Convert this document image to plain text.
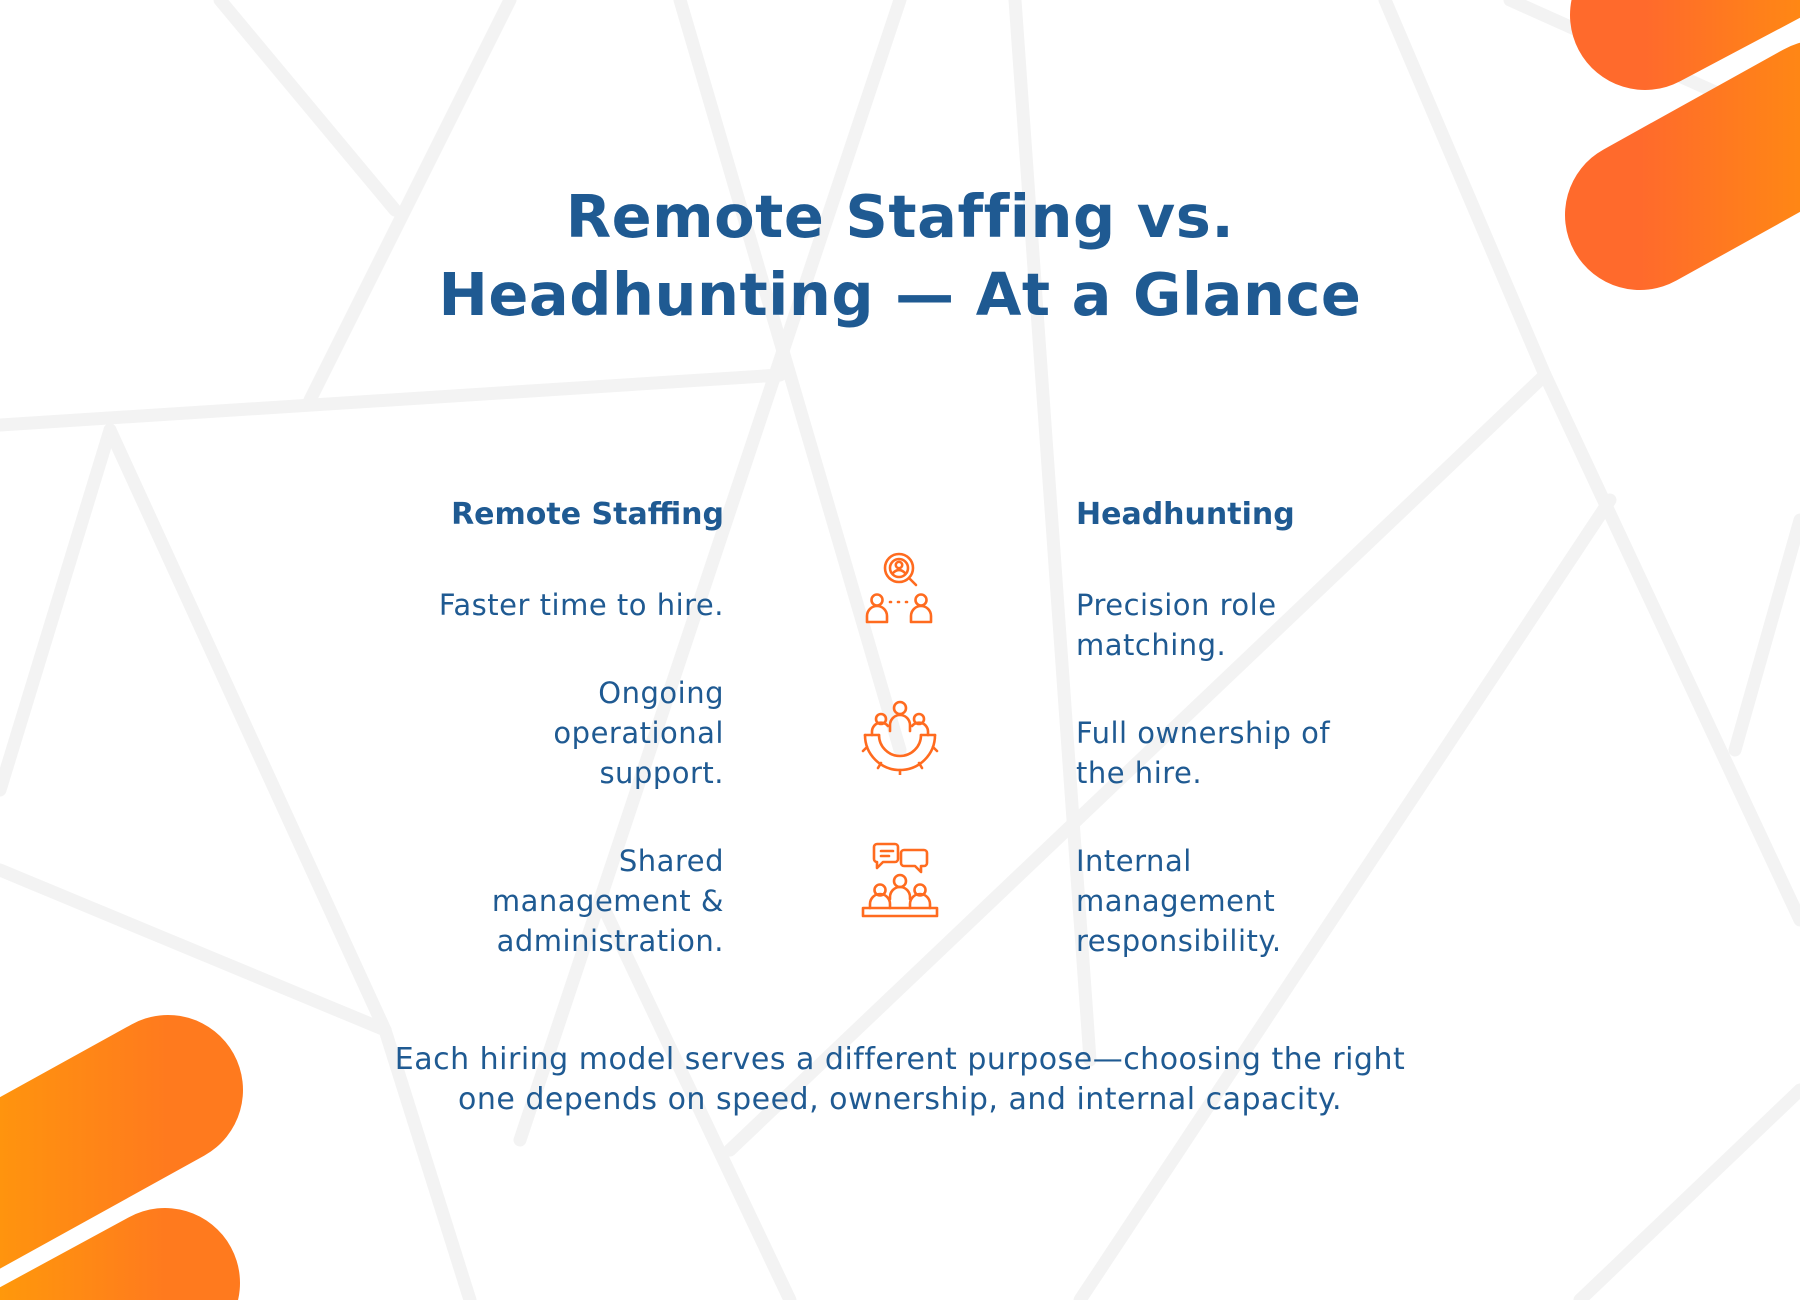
Remote Staffing vs.
Headhunting — At a Glance
Remote Staffing	Headhunting
Faster time to hire.	Precision role
matching.
Ongoing
operational
support.
Full ownership of
the hire.
Shared
management &
administration.
Internal
management
responsibility.

Each hiring model serves a different purpose—choosing the right
one depends on speed, ownership, and internal capacity.
